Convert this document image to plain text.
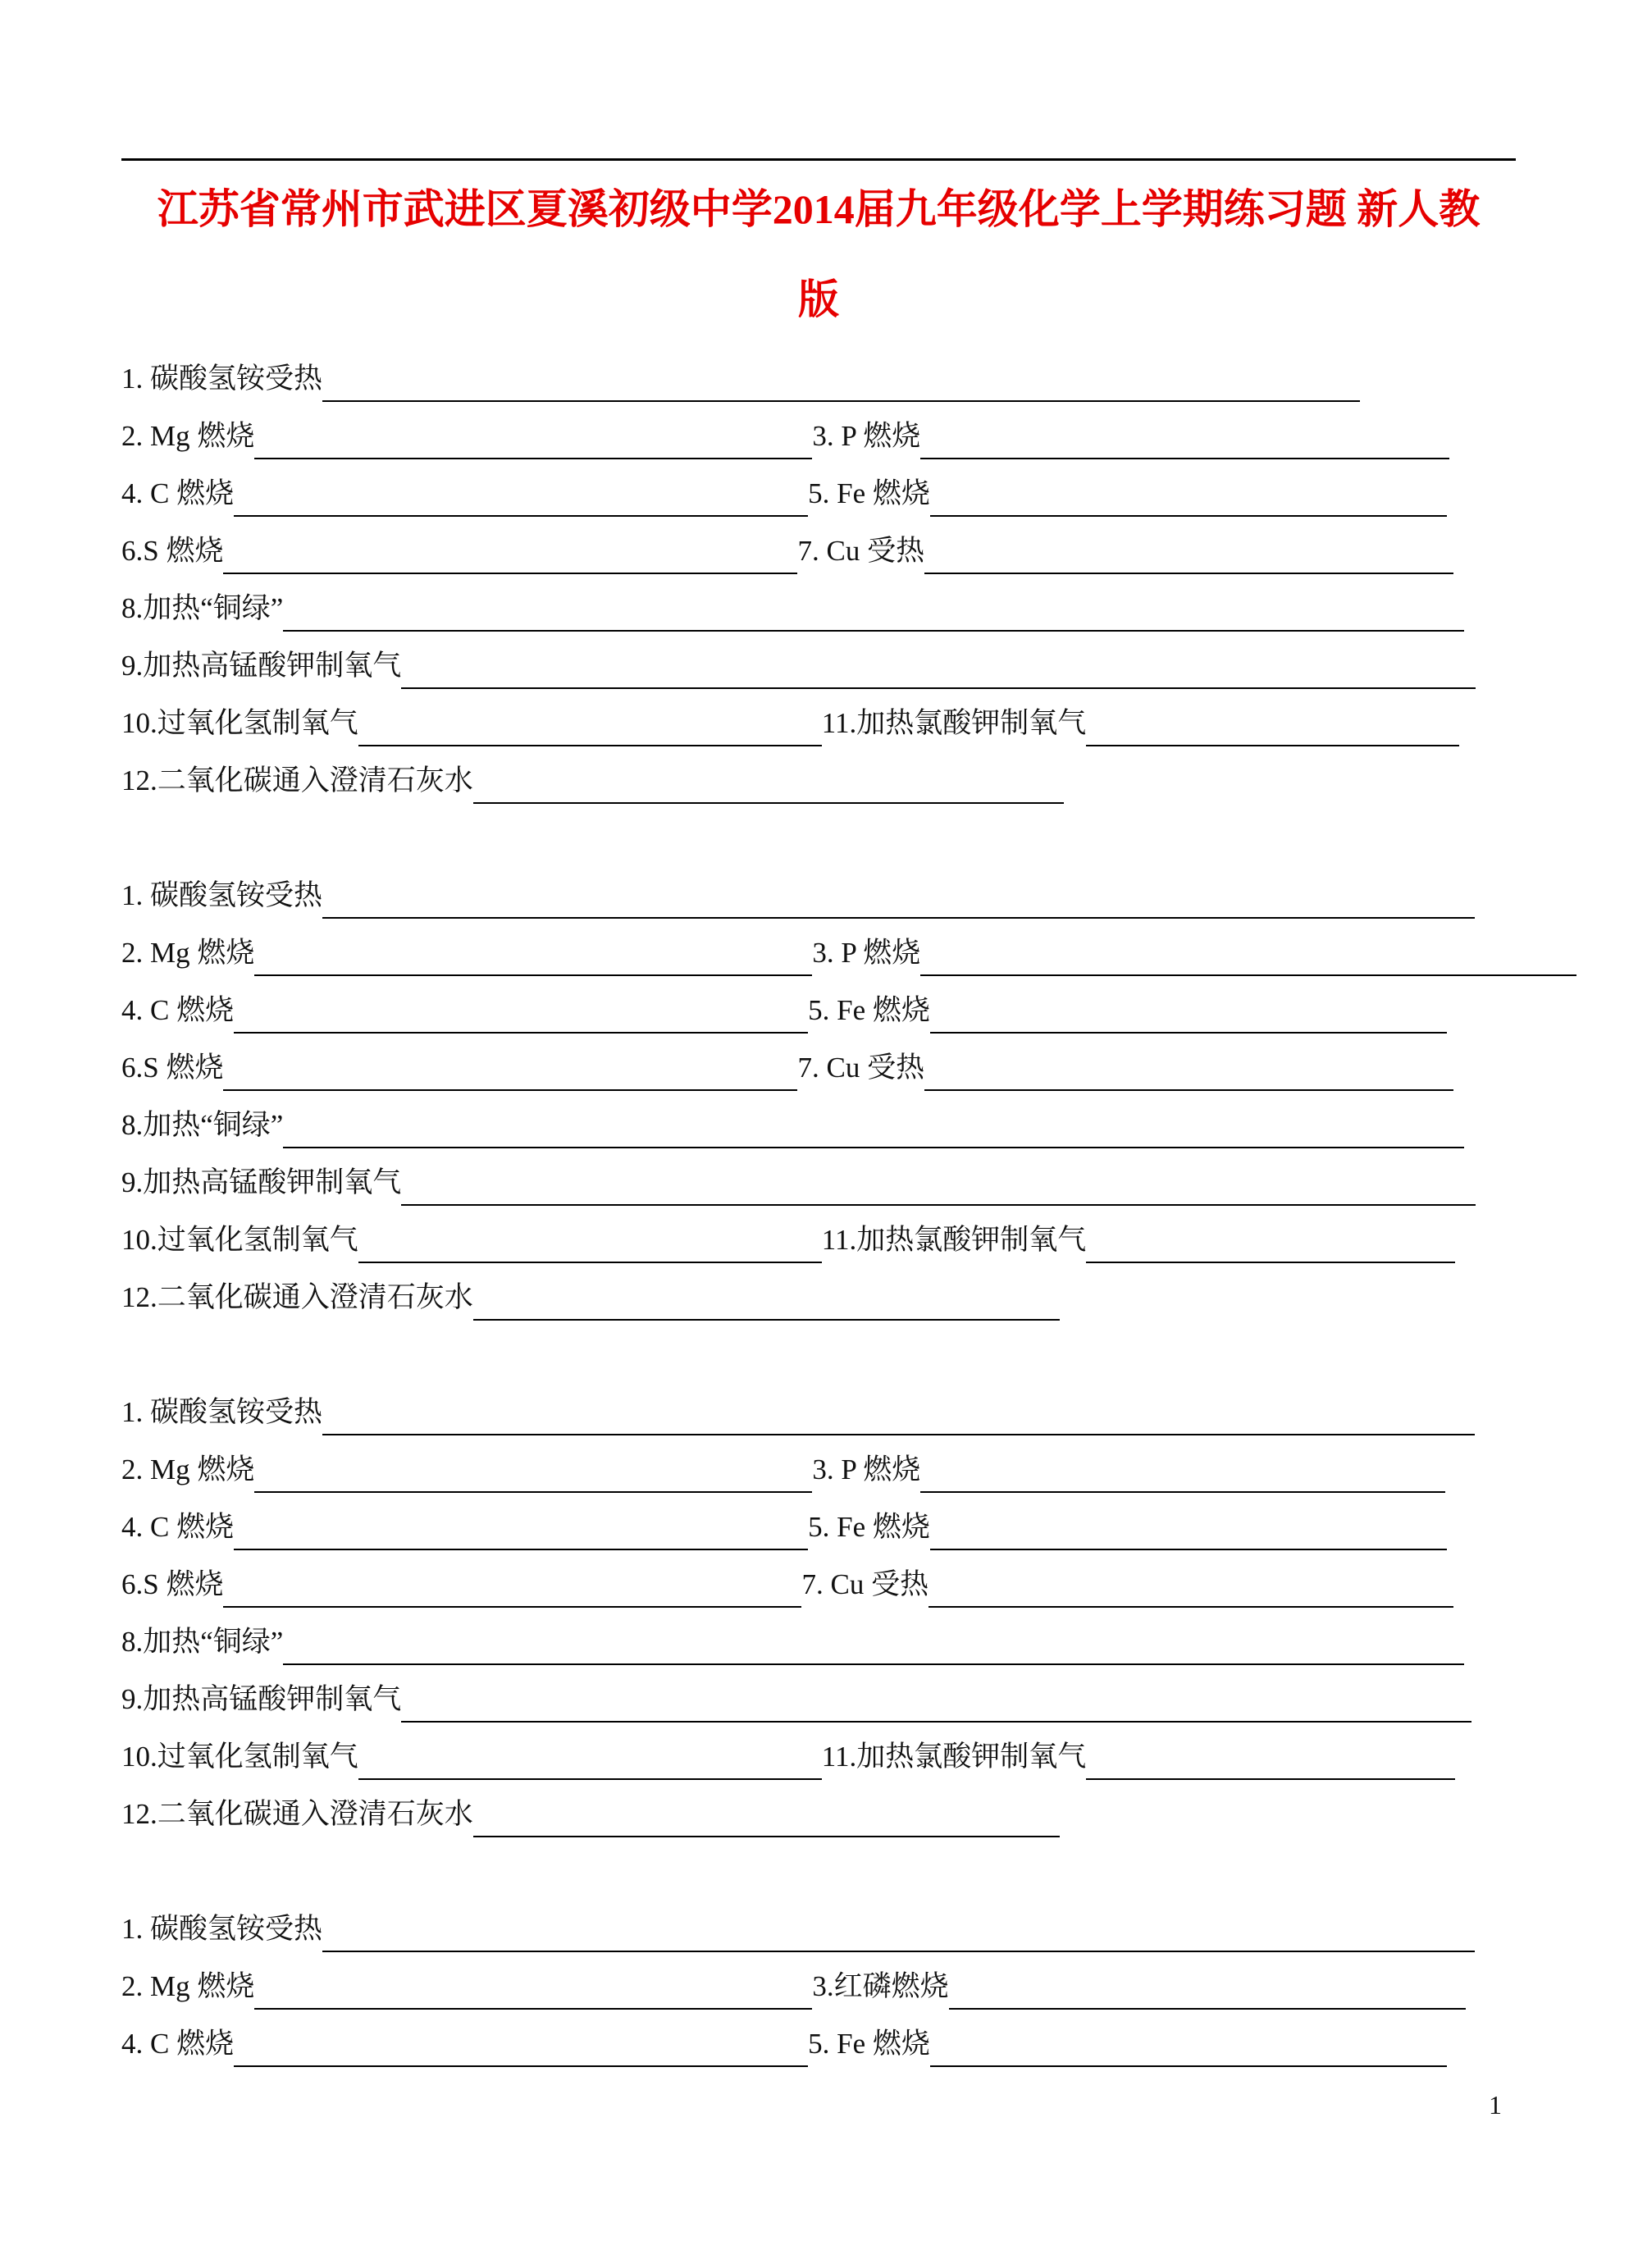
江苏省常州市武进区夏溪初级中学2014届九年级化学上学期练习题 新人教
版
1. 碳酸氢铵受热
2. Mg 燃烧	3. P 燃烧
4. C 燃烧	5. Fe 燃烧
6.S 燃烧	7. Cu 受热
8.加热“铜绿”
9.加热高锰酸钾制氧气
10.过氧化氢制氧气	11.加热氯酸钾制氧气
12.二氧化碳通入澄清石灰水
1. 碳酸氢铵受热
2. Mg 燃烧	3. P 燃烧
4. C 燃烧	5. Fe 燃烧
6.S 燃烧	7. Cu 受热
8.加热“铜绿”
9.加热高锰酸钾制氧气
10.过氧化氢制氧气	11.加热氯酸钾制氧气
12.二氧化碳通入澄清石灰水
1. 碳酸氢铵受热
2. Mg 燃烧	3. P 燃烧
4. C 燃烧	5. Fe 燃烧
6.S 燃烧	7. Cu 受热
8.加热“铜绿”
9.加热高锰酸钾制氧气
10.过氧化氢制氧气	11.加热氯酸钾制氧气
12.二氧化碳通入澄清石灰水
1. 碳酸氢铵受热
2. Mg 燃烧	3.红磷燃烧
4. C 燃烧	5. Fe 燃烧
1
